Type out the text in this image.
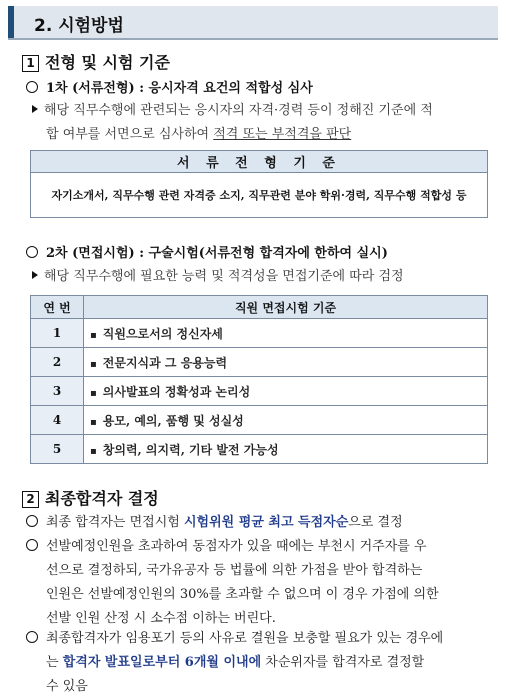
2. 시험방법
1 전형 및 시험 기준
1차 (서류전형) : 응시자격 요건의 적합성 심사
해당 직무수행에 관련되는 응시자의 자격·경력 등이 정해진 기준에 적
합 여부를 서면으로 심사하여 적격 또는 부적격을 판단
서 류 전 형 기 준
자기소개서, 직무수행 관련 자격증 소지, 직무관련 분야 학위·경력, 직무수행 적합성 등
2차 (면접시험) : 구술시험(서류전형 합격자에 한하여 실시)
해당 직무수행에 필요한 능력 및 적격성을 면접기준에 따라 검정
연 번	직원 면접시험 기준
1	▪ 직원으로서의 정신자세
2	▪ 전문지식과 그 응용능력
3	▪ 의사발표의 정확성과 논리성
4	▪ 용모, 예의, 품행 및 성실성
5	▪ 창의력, 의지력, 기타 발전 가능성
2 최종합격자 결정
최종 합격자는 면접시험 시험위원 평균 최고 득점자순으로 결정
선발예정인원을 초과하여 동점자가 있을 때에는 부천시 거주자를 우
선으로 결정하되, 국가유공자 등 법률에 의한 가점을 받아 합격하는
인원은 선발예정인원의 30%를 초과할 수 없으며 이 경우 가점에 의한
선발 인원 산정 시 소수점 이하는 버린다.
최종합격자가 임용포기 등의 사유로 결원을 보충할 필요가 있는 경우에
는 합격자 발표일로부터 6개월 이내에 차순위자를 합격자로 결정할
수 있음
